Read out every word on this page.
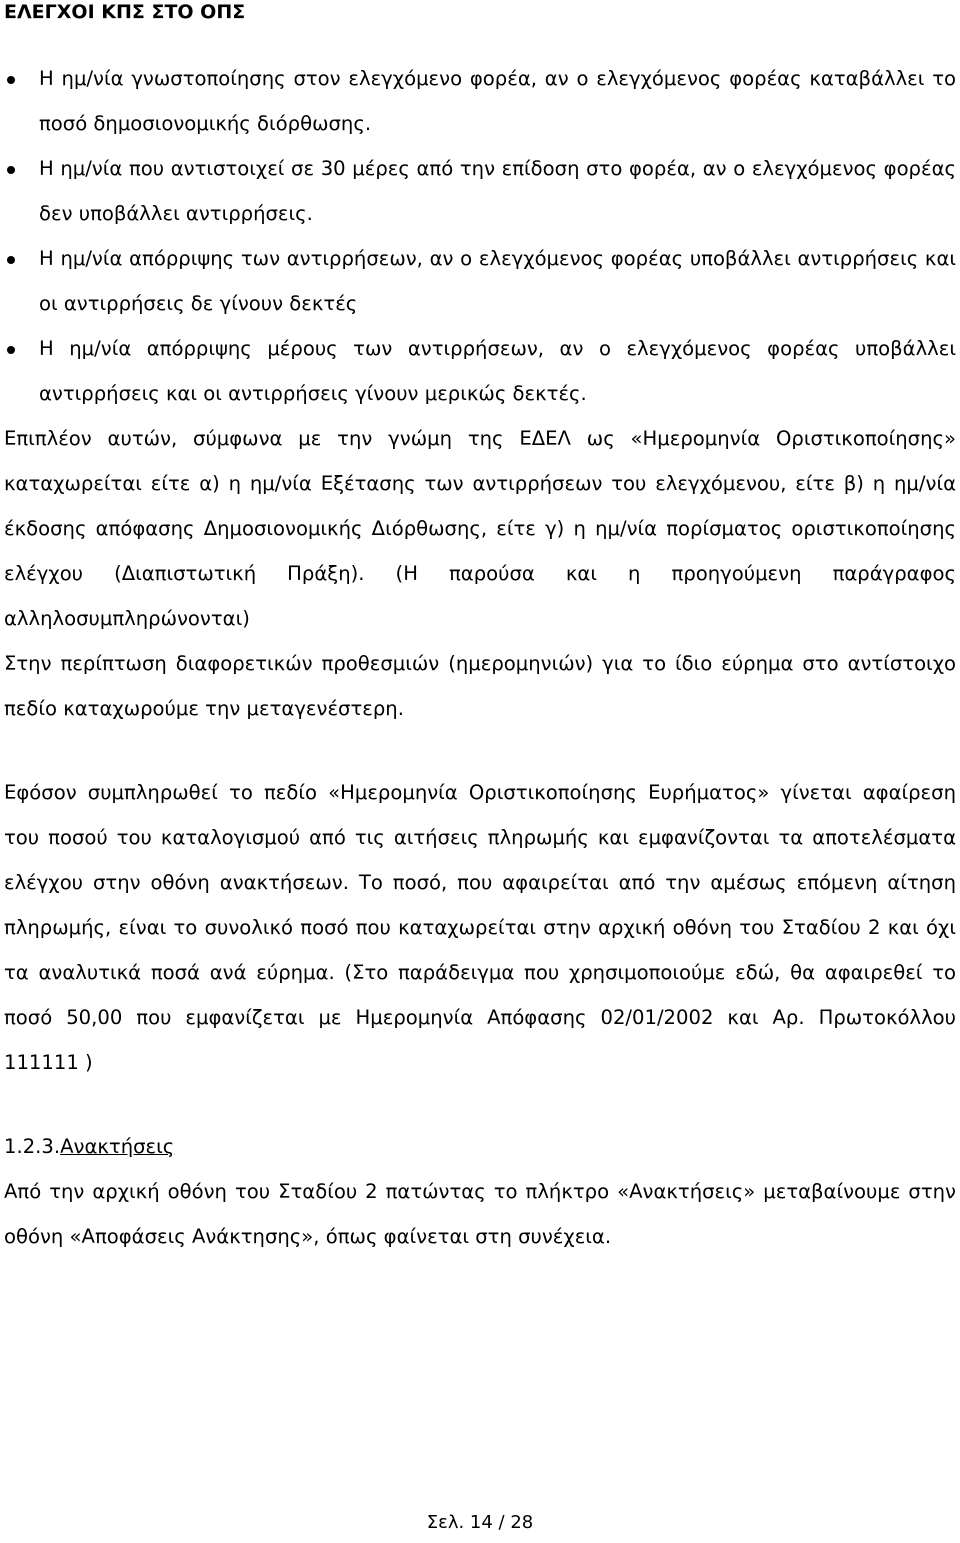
ΕΛΕΓΧΟΙ ΚΠΣ ΣΤΟ ΟΠΣ
Η ημ/νία γνωστοποίησης στον ελεγχόμενο φορέα, αν ο ελεγχόμενος φορέας καταβάλλει το ποσό δημοσιονομικής διόρθωσης.
Η ημ/νία που αντιστοιχεί σε 30 μέρες από την επίδοση στο φορέα, αν ο ελεγχόμενος φορέας δεν υποβάλλει αντιρρήσεις.
Η ημ/νία απόρριψης των αντιρρήσεων, αν ο ελεγχόμενος φορέας υποβάλλει αντιρρήσεις και οι αντιρρήσεις δε γίνουν δεκτές
Η ημ/νία απόρριψης μέρους των αντιρρήσεων, αν ο ελεγχόμενος φορέας υποβάλλει αντιρρήσεις και οι αντιρρήσεις γίνουν μερικώς δεκτές.

Επιπλέον αυτών, σύμφωνα με την γνώμη της ΕΔΕΛ ως «Ημερομηνία Οριστικοποίησης» καταχωρείται είτε α) η ημ/νία Εξέτασης των αντιρρήσεων του ελεγχόμενου, είτε β) η ημ/νία έκδοσης απόφασης Δημοσιονομικής Διόρθωσης, είτε γ) η ημ/νία πορίσματος οριστικοποίησης ελέγχου (Διαπιστωτική Πράξη). (Η παρούσα και η προηγούμενη παράγραφος αλληλοσυμπληρώνονται)

Στην περίπτωση διαφορετικών προθεσμιών (ημερομηνιών) για το ίδιο εύρημα στο αντίστοιχο πεδίο καταχωρούμε την μεταγενέστερη.

Εφόσον συμπληρωθεί το πεδίο «Ημερομηνία Οριστικοποίησης Ευρήματος» γίνεται αφαίρεση του ποσού του καταλογισμού από τις αιτήσεις πληρωμής και εμφανίζονται τα αποτελέσματα ελέγχου στην οθόνη ανακτήσεων. Το ποσό, που αφαιρείται από την αμέσως επόμενη αίτηση πληρωμής, είναι το συνολικό ποσό που καταχωρείται στην αρχική οθόνη του Σταδίου 2 και όχι τα αναλυτικά ποσά ανά εύρημα. (Στο παράδειγμα που χρησιμοποιούμε εδώ, θα αφαιρεθεί το ποσό 50,00 που εμφανίζεται με Ημερομηνία Απόφασης 02/01/2002 και Αρ. Πρωτοκόλλου 111111 )

1.2.3.Ανακτήσεις

Από την αρχική οθόνη του Σταδίου 2 πατώντας το πλήκτρο «Ανακτήσεις» μεταβαίνουμε στην οθόνη «Αποφάσεις Ανάκτησης», όπως φαίνεται στη συνέχεια.

Σελ. 14 / 28
